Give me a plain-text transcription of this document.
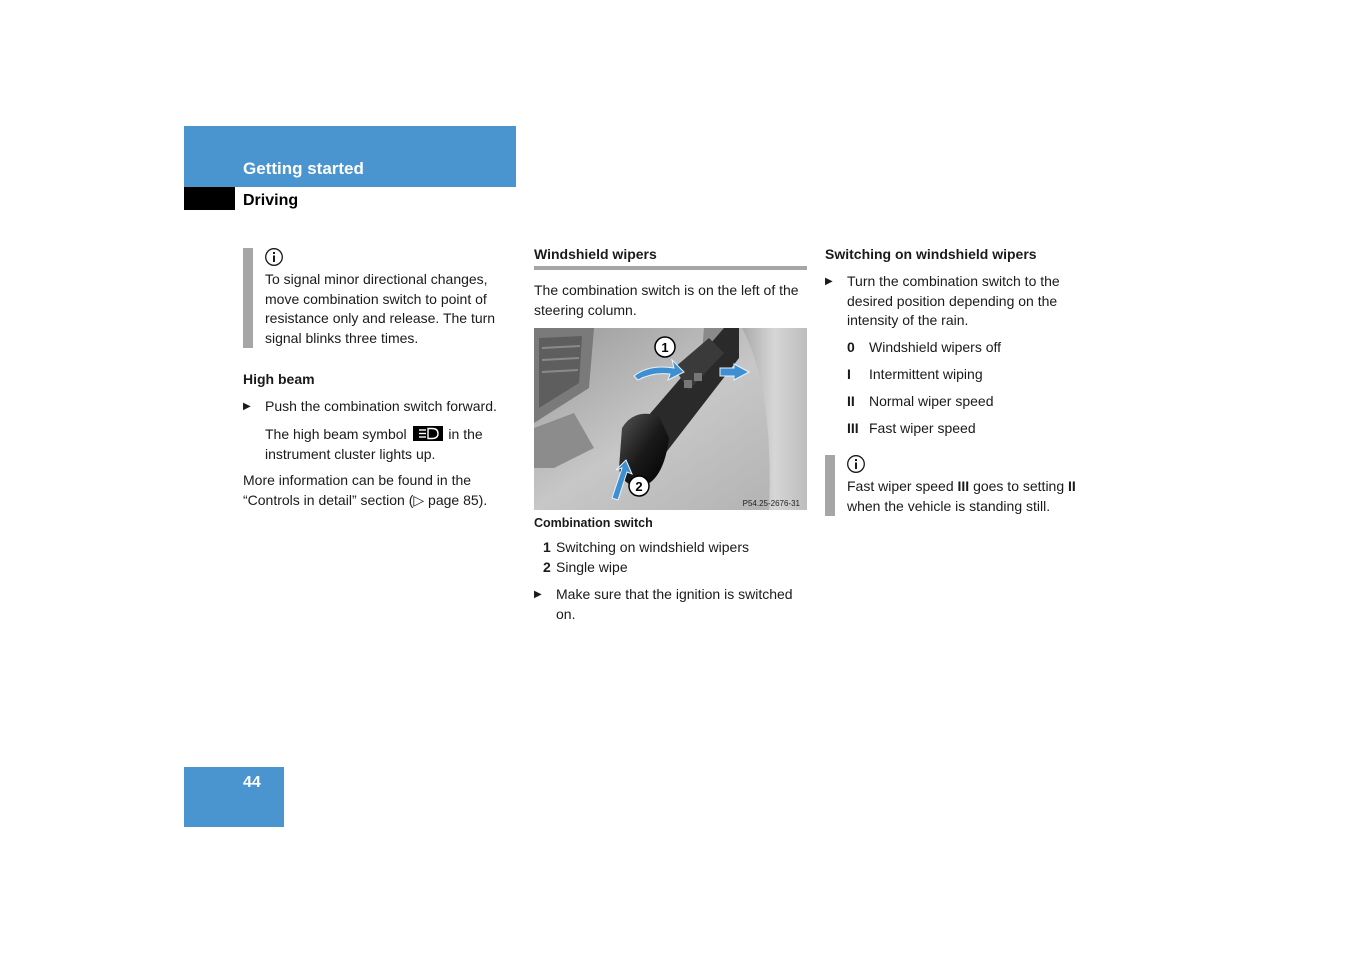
Getting started
Driving
To signal minor directional changes, move combination switch to point of resistance only and release. The turn signal blinks three times.
High beam
▶	Push the combination switch forward.
The high beam symbol	in the instrument cluster lights up.
More information can be found in the “Controls in detail” section (▷ page 85).
Windshield wipers
The combination switch is on the left of the steering column.
1
2
P54.25-2676-31
Combination switch
1 Switching on windshield wipers
2 Single wipe
▶	Make sure that the ignition is switched on.
Switching on windshield wipers
▶	Turn the combination switch to the desired position depending on the intensity of the rain.
0	Windshield wipers off
I	Intermittent wiping
II	Normal wiper speed
III Fast wiper speed
Fast wiper speed III goes to setting II when the vehicle is standing still.
44
